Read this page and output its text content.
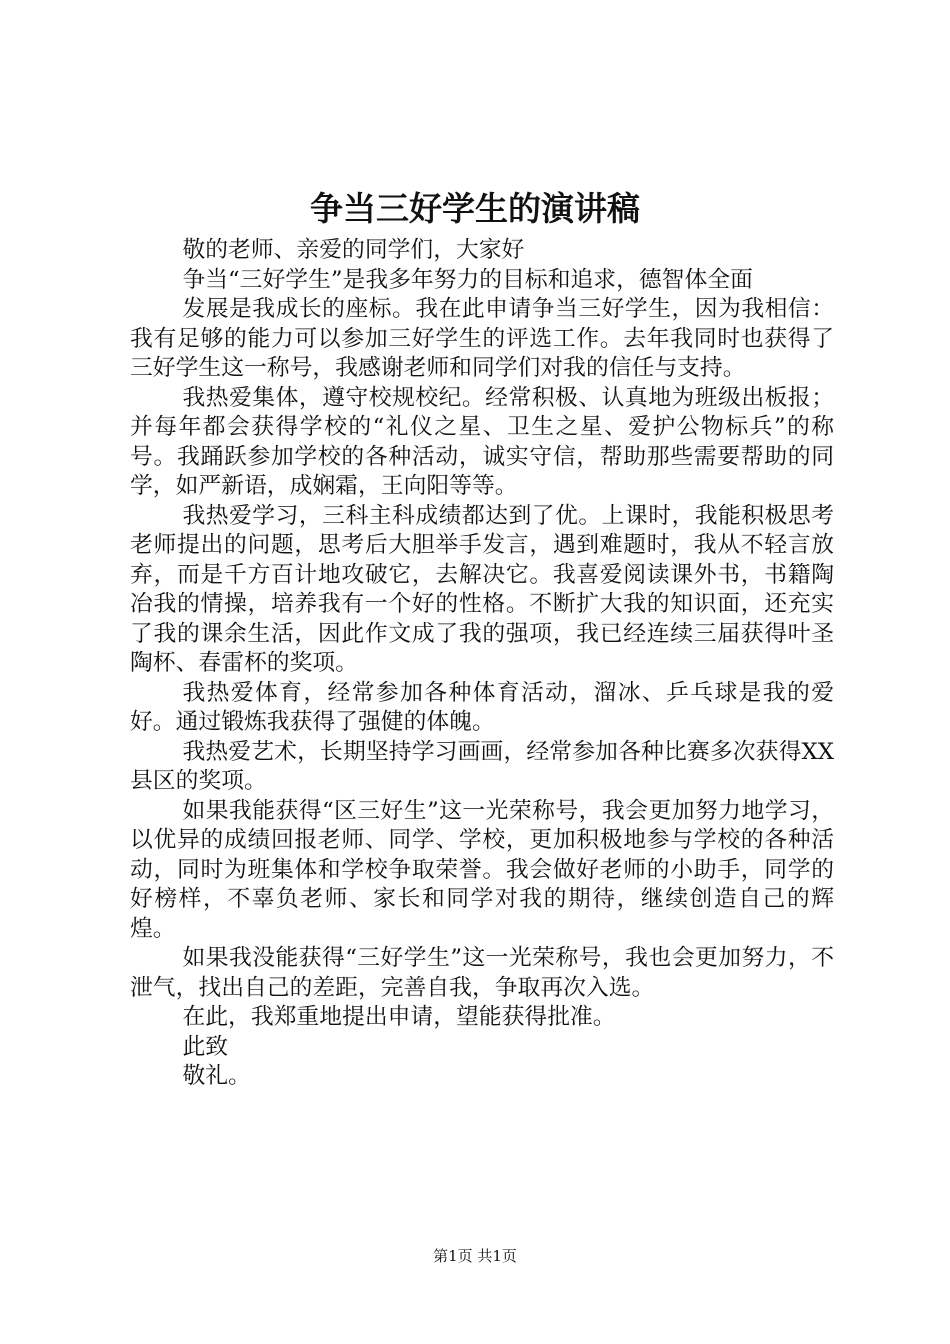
争当三好学生的演讲稿

敬的老师、亲爱的同学们，大家好

争当“三好学生”是我多年努力的目标和追求，德智体全面

发展是我成长的座标。我在此申请争当三好学生，因为我相信：我有足够的能力可以参加三好学生的评选工作。去年我同时也获得了三好学生这一称号，我感谢老师和同学们对我的信任与支持。

我热爱集体，遵守校规校纪。经常积极、认真地为班级出板报；并每年都会获得学校的“礼仪之星、卫生之星、爱护公物标兵”的称号。我踊跃参加学校的各种活动，诚实守信，帮助那些需要帮助的同学，如严新语，成娴霜，王向阳等等。

我热爱学习，三科主科成绩都达到了优。上课时，我能积极思考老师提出的问题，思考后大胆举手发言，遇到难题时，我从不轻言放弃，而是千方百计地攻破它，去解决它。我喜爱阅读课外书，书籍陶冶我的情操，培养我有一个好的性格。不断扩大我的知识面，还充实了我的课余生活，因此作文成了我的强项，我已经连续三届获得叶圣陶杯、春雷杯的奖项。

我热爱体育，经常参加各种体育活动，溜冰、乒乓球是我的爱好。通过锻炼我获得了强健的体魄。

我热爱艺术，长期坚持学习画画，经常参加各种比赛多次获得XX县区的奖项。

如果我能获得“区三好生”这一光荣称号，我会更加努力地学习，以优异的成绩回报老师、同学、学校，更加积极地参与学校的各种活动，同时为班集体和学校争取荣誉。我会做好老师的小助手，同学的好榜样，不辜负老师、家长和同学对我的期待，继续创造自己的辉煌。

如果我没能获得“三好学生”这一光荣称号，我也会更加努力，不泄气，找出自己的差距，完善自我，争取再次入选。

在此，我郑重地提出申请，望能获得批准。

此致

敬礼。

第1页 共1页
